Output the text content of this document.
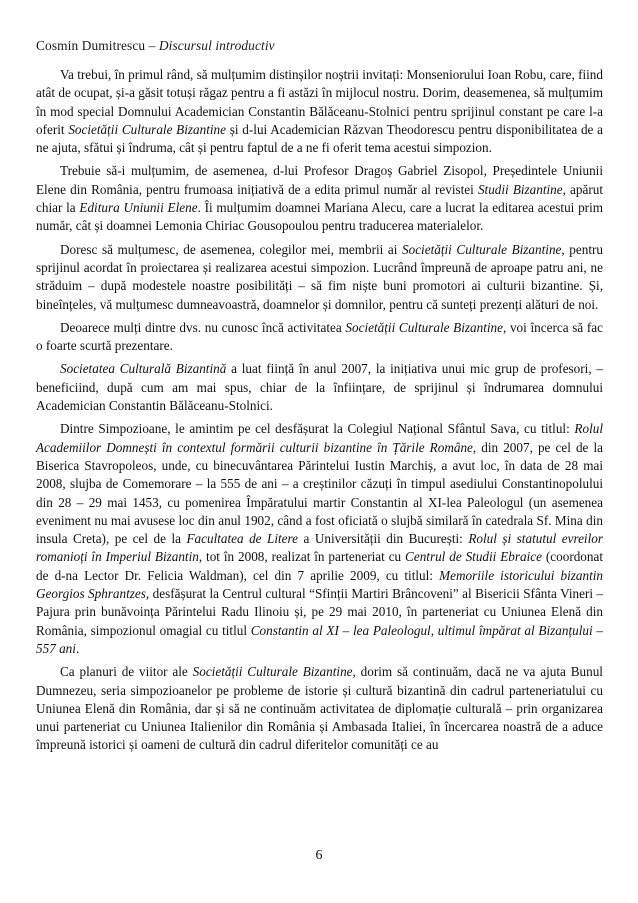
Cosmin Dumitrescu – Discursul introductiv

Va trebui, în primul rând, să mulțumim distinșilor noștrii invitați: Monseniorului Ioan Robu, care, fiind atât de ocupat, și-a găsit totuși răgaz pentru a fi astăzi în mijlocul nostru. Dorim, deasemenea, să mulțumim în mod special Domnului Academician Constantin Bălăceanu-Stolnici pentru sprijinul constant pe care l-a oferit Societății Culturale Bizantine și d-lui Academician Răzvan Theodorescu pentru disponibilitatea de a ne ajuta, sfătui și îndruma, cât și pentru faptul de a ne fi oferit tema acestui simpozion.

Trebuie să-i mulțumim, de asemenea, d-lui Profesor Dragoș Gabriel Zisopol, Președintele Uniunii Elene din România, pentru frumoasa inițiativă de a edita primul număr al revistei Studii Bizantine, apărut chiar la Editura Uniunii Elene. Îi mulțumim doamnei Mariana Alecu, care a lucrat la editarea acestui prim număr, cât și doamnei Lemonia Chiriac Gousopoulou pentru traducerea materialelor.

Doresc să mulțumesc, de asemenea, colegilor mei, membrii ai Societății Culturale Bizantine, pentru sprijinul acordat în proiectarea și realizarea acestui simpozion. Lucrând împreună de aproape patru ani, ne străduim – după modestele noastre posibilități – să fim niște buni promotori ai culturii bizantine. Și, bineînțeles, vă mulțumesc dumneavoastră, doamnelor și domnilor, pentru că sunteți prezenți alături de noi.

Deoarece mulți dintre dvs. nu cunosc încă activitatea Societății Culturale Bizantine, voi încerca să fac o foarte scurtă prezentare.

Societatea Culturală Bizantină a luat ființă în anul 2007, la inițiativa unui mic grup de profesori, – beneficiind, după cum am mai spus, chiar de la înființare, de sprijinul și îndrumarea domnului Academician Constantin Bălăceanu-Stolnici.

Dintre Simpozioane, le amintim pe cel desfășurat la Colegiul Național Sfântul Sava, cu titlul: Rolul Academiilor Domnești în contextul formării culturii bizantine în Țările Române, din 2007, pe cel de la Biserica Stavropoleos, unde, cu binecuvântarea Părintelui Iustin Marchiș, a avut loc, în data de 28 mai 2008, slujba de Comemorare – la 555 de ani – a creștinilor căzuți în timpul asediului Constantinopolului din 28 – 29 mai 1453, cu pomenirea Împăratului martir Constantin al XI-lea Paleologul (un asemenea eveniment nu mai avusese loc din anul 1902, când a fost oficiată o slujbă similară în catedrala Sf. Mina din insula Creta), pe cel de la Facultatea de Litere a Universității din București: Rolul și statutul evreilor romanioți în Imperiul Bizantin, tot în 2008, realizat în parteneriat cu Centrul de Studii Ebraice (coordonat de d-na Lector Dr. Felicia Waldman), cel din 7 aprilie 2009, cu titlul: Memoriile istoricului bizantin Georgios Sphrantzes, desfășurat la Centrul cultural “Sfinții Martiri Brâncoveni” al Bisericii Sfânta Vineri – Pajura prin bunăvoința Părintelui Radu Ilinoiu și, pe 29 mai 2010, în parteneriat cu Uniunea Elenă din România, simpozionul omagial cu titlul Constantin al XI – lea Paleologul, ultimul împărat al Bizanțului – 557 ani.

Ca planuri de viitor ale Societății Culturale Bizantine, dorim să continuăm, dacă ne va ajuta Bunul Dumnezeu, seria simpozioanelor pe probleme de istorie și cultură bizantină din cadrul parteneriatului cu Uniunea Elenă din România, dar și să ne continuăm activitatea de diplomație culturală – prin organizarea unui parteneriat cu Uniunea Italienilor din România și Ambasada Italiei, în încercarea noastră de a aduce împreună istorici și oameni de cultură din cadrul diferitelor comunități ce au

6
